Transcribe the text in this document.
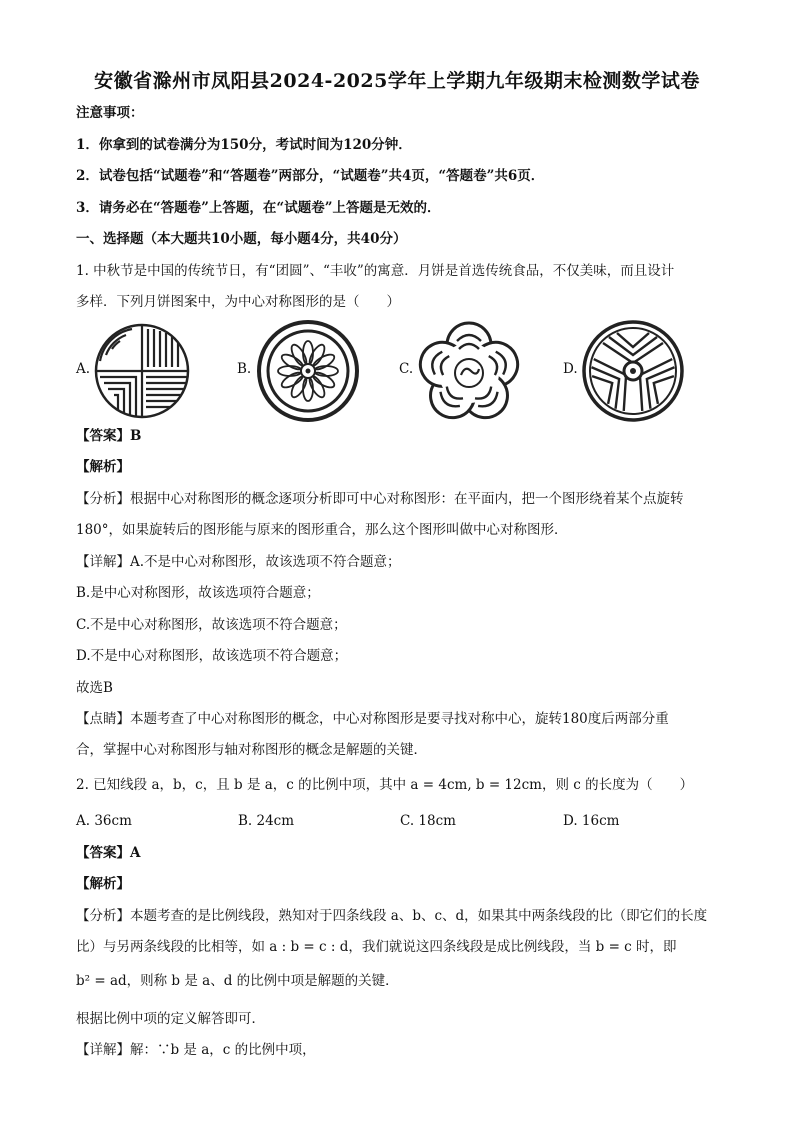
安徽省滁州市凤阳县2024-2025学年上学期九年级期末检测数学试卷
注意事项：
1．你拿到的试卷满分为150分，考试时间为120分钟．
2．试卷包括“试题卷”和“答题卷”两部分，“试题卷”共4页，“答题卷”共6页．
3．请务必在“答题卷”上答题，在“试题卷”上答题是无效的．
一、选择题（本大题共10小题，每小题4分，共40分）
1. 中秋节是中国的传统节日，有“团圆”、“丰收”的寓意．月饼是首选传统食品，不仅美味，而且设计
多样．下列月饼图案中，为中心对称图形的是（　　）
A.	B.	C.	D.
【答案】B
【解析】
【分析】根据中心对称图形的概念逐项分析即可中心对称图形：在平面内，把一个图形绕着某个点旋转
180°，如果旋转后的图形能与原来的图形重合，那么这个图形叫做中心对称图形．
【详解】A.不是中心对称图形，故该选项不符合题意；
B.是中心对称图形，故该选项符合题意；
C.不是中心对称图形，故该选项不符合题意；
D.不是中心对称图形，故该选项不符合题意；
故选B
【点睛】本题考查了中心对称图形的概念，中心对称图形是要寻找对称中心，旋转180度后两部分重
合，掌握中心对称图形与轴对称图形的概念是解题的关键．
2. 已知线段 a，b，c，且 b 是 a，c 的比例中项，其中 a = 4cm, b = 12cm，则 c 的长度为（　　）
A. 36cm	B. 24cm	C. 18cm	D. 16cm
【答案】A
【解析】
【分析】本题考查的是比例线段，熟知对于四条线段 a、b、c、d，如果其中两条线段的比（即它们的长度
比）与另两条线段的比相等，如 a : b = c : d，我们就说这四条线段是成比例线段，当 b = c 时，即
b² = ad，则称 b 是 a、d 的比例中项是解题的关键．
根据比例中项的定义解答即可．
【详解】解：∵b 是 a，c 的比例中项，
